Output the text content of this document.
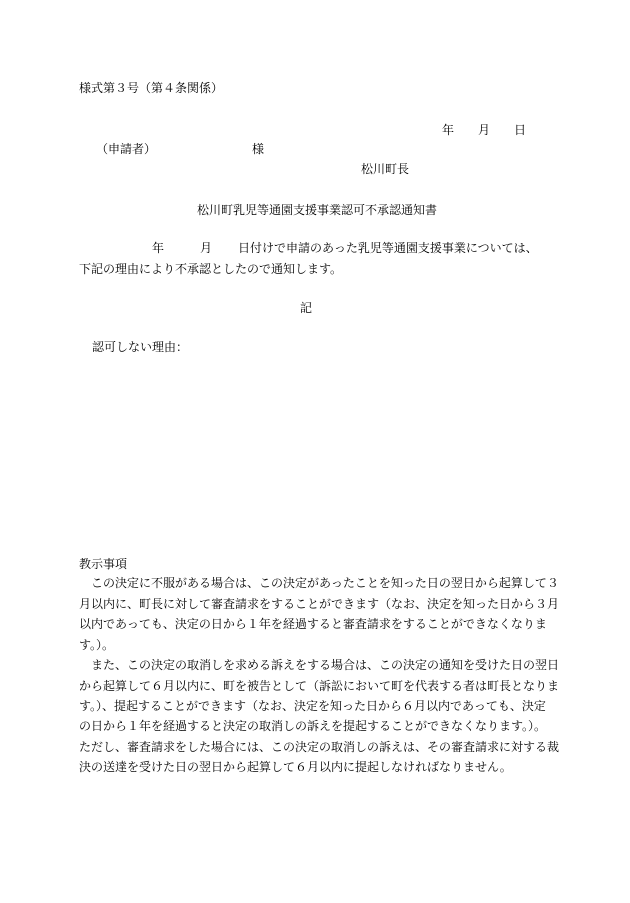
様式第３号（第４条関係）
年 月 日
（申請者）	様
松川町長
松川町乳児等通園支援事業認可不承認通知書
年	月 日付けで申請のあった乳児等通園支援事業については、
下記の理由により不承認としたので通知します。
記
認可しない理由：
教示事項
　この決定に不服がある場合は、この決定があったことを知った日の翌日から起算して３
月以内に、町長に対して審査請求をすることができます（なお、決定を知った日から３月
以内であっても、決定の日から１年を経過すると審査請求をすることができなくなりま
す。）。
　また、この決定の取消しを求める訴えをする場合は、この決定の通知を受けた日の翌日
から起算して６月以内に、町を被告として（訴訟において町を代表する者は町長となりま
す。）、提起することができます（なお、決定を知った日から６月以内であっても、決定
の日から１年を経過すると決定の取消しの訴えを提起することができなくなります。）。
ただし、審査請求をした場合には、この決定の取消しの訴えは、その審査請求に対する裁
決の送達を受けた日の翌日から起算して６月以内に提起しなければなりません。
